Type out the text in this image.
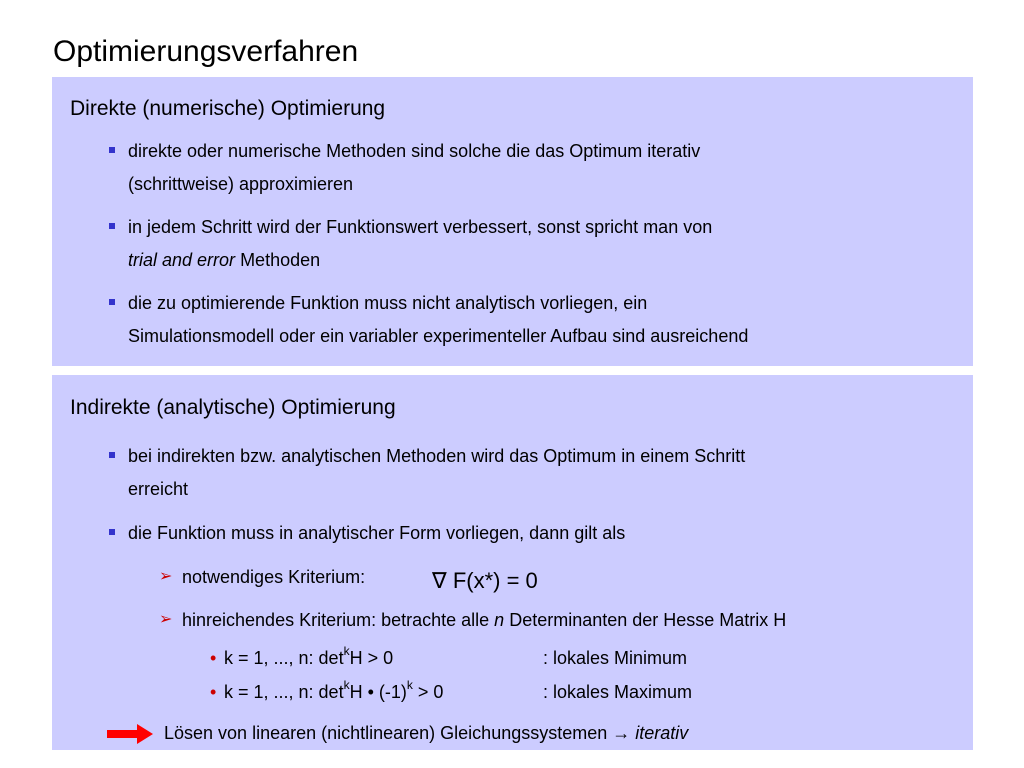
Optimierungsverfahren
Direkte (numerische) Optimierung
direkte oder numerische Methoden sind solche die das Optimum iterativ
(schrittweise) approximieren
in jedem Schritt wird der Funktionswert verbessert, sonst spricht man von
trial and error Methoden
die zu optimierende Funktion muss nicht analytisch vorliegen, ein
Simulationsmodell oder ein variabler experimenteller Aufbau sind ausreichend
Indirekte (analytische) Optimierung
bei indirekten bzw. analytischen Methoden wird das Optimum in einem Schritt
erreicht
die Funktion muss in analytischer Form vorliegen, dann gilt als
➢ notwendiges Kriterium:	∇ F(x*) = 0
➢ hinreichendes Kriterium: betrachte alle n Determinanten der Hesse Matrix H
• k = 1, ..., n: $\det^kH > 0$	: lokales Minimum
• k = 1, ..., n: $\det^kH$ • $(-1)^k > 0$	: lokales Maximum
Lösen von linearen (nichtlinearen) Gleichungssystemen → iterativ
